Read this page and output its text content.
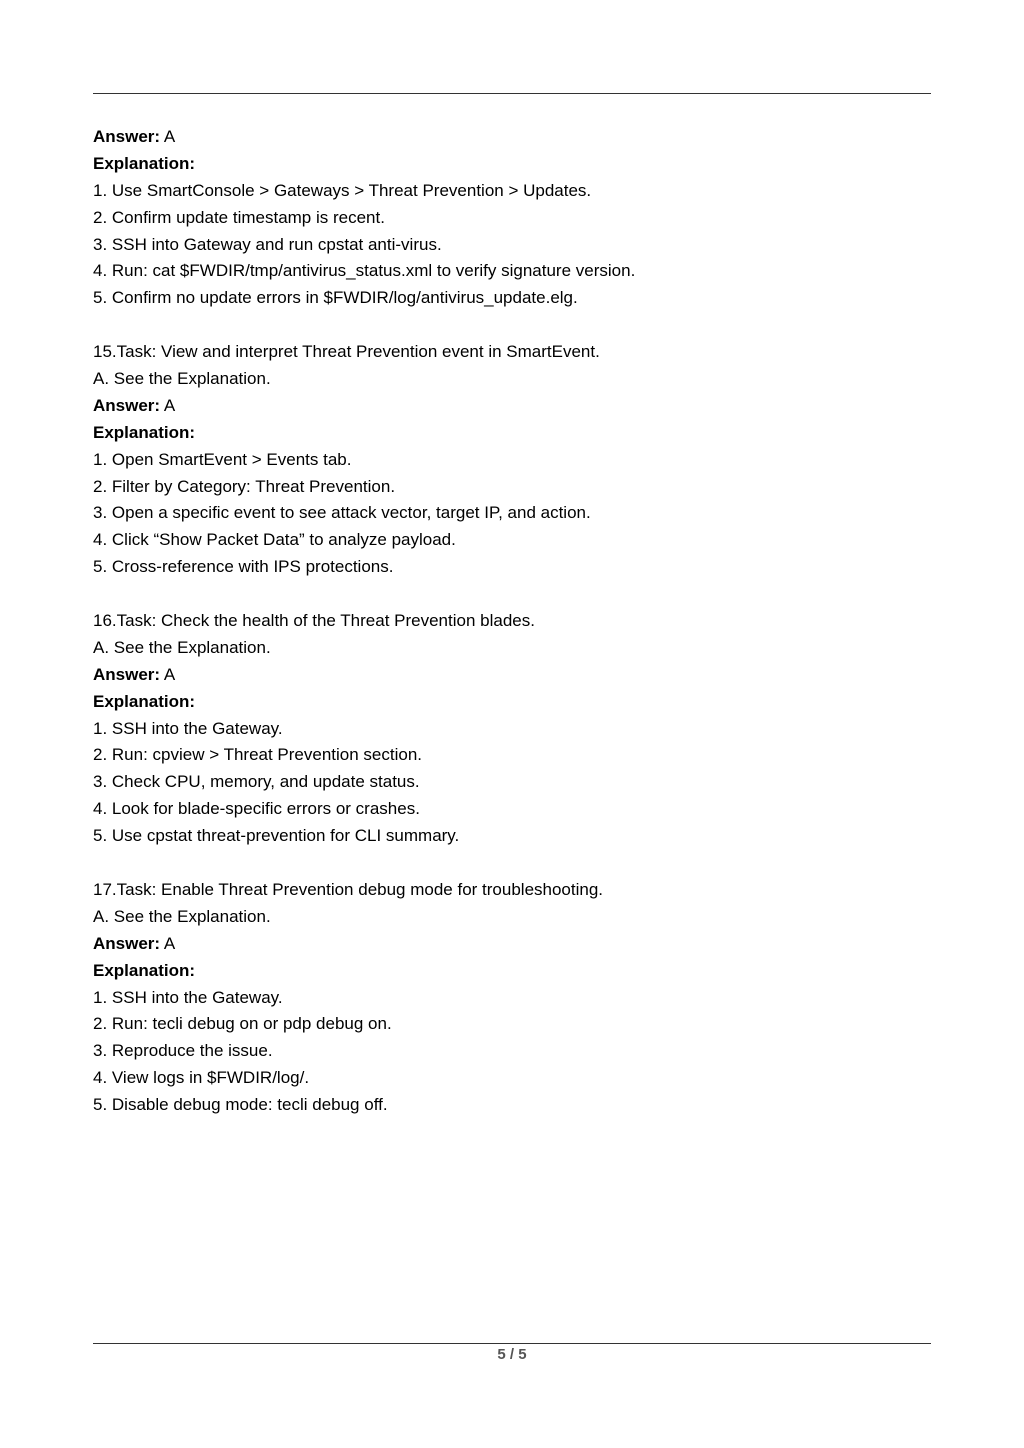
Answer: A
Explanation:
1. Use SmartConsole > Gateways > Threat Prevention > Updates.
2. Confirm update timestamp is recent.
3. SSH into Gateway and run cpstat anti-virus.
4. Run: cat $FWDIR/tmp/antivirus_status.xml to verify signature version.
5. Confirm no update errors in $FWDIR/log/antivirus_update.elg.
15.Task: View and interpret Threat Prevention event in SmartEvent.
A. See the Explanation.
Answer: A
Explanation:
1. Open SmartEvent > Events tab.
2. Filter by Category: Threat Prevention.
3. Open a specific event to see attack vector, target IP, and action.
4. Click “Show Packet Data” to analyze payload.
5. Cross-reference with IPS protections.
16.Task: Check the health of the Threat Prevention blades.
A. See the Explanation.
Answer: A
Explanation:
1. SSH into the Gateway.
2. Run: cpview > Threat Prevention section.
3. Check CPU, memory, and update status.
4. Look for blade-specific errors or crashes.
5. Use cpstat threat-prevention for CLI summary.
17.Task: Enable Threat Prevention debug mode for troubleshooting.
A. See the Explanation.
Answer: A
Explanation:
1. SSH into the Gateway.
2. Run: tecli debug on or pdp debug on.
3. Reproduce the issue.
4. View logs in $FWDIR/log/.
5. Disable debug mode: tecli debug off.
5 / 5
